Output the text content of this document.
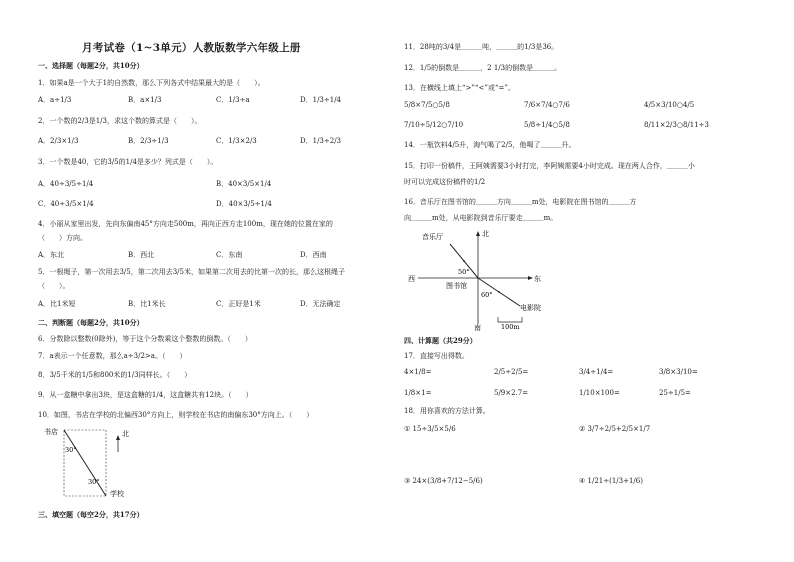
月考试卷（1~3单元）人教版数学六年级上册
一、选择题（每题2分，共10分）
1．如果a是一个大于1的自然数，那么下列各式中结果最大的是（　　）。
A．a÷1/3	B．a×1/3	C．1/3÷a	D．1/3÷1/4
2．一个数的2/3是1/3，求这个数的算式是（　　）。
A．2/3×1/3	B．2/3÷1/3	C．1/3×2/3	D．1/3÷2/3
3．一个数是40，它的3/5的1/4是多少？列式是（　　）。
A．40÷3/5÷1/4	B．40×3/5×1/4
C．40÷3/5×1/4	D．40×3/5÷1/4
4．小丽从家里出发，先向东偏南45°方向走500m，再向正西方走100m，现在她的位置在家的
（　　）方向。
A．东北	B．西北	C．东南	D．西南
5．一根绳子，第一次用去3/5，第二次用去3/5米，如果第二次用去的比第一次的长，那么这根绳子
（　　）。
A．比1米短	B．比1米长	C．正好是1米	D．无法确定
二、判断题（每题2分，共10分）
6．分数除以整数(0除外)，等于这个分数乘这个整数的倒数。（　　）
7．a表示一个任意数，那么a÷3/2>a。（　　）
8．3/5千米的1/5和800米的1/3同样长。（　　）
9．从一盒糖中拿出3块，是这盒糖的1/4，这盒糖共有12块。（　　）
10．如图，书店在学校的北偏西30°方向上，则学校在书店的南偏东30°方向上。（　　）
书店	北
学校
30°
30°
三、填空题（每空2分，共17分）
11．28吨的3/4是＿＿＿吨，＿＿＿的1/3是36。
12．1/5的倒数是＿＿＿，2 1/3的倒数是＿＿＿。
13．在横线上填上“>”“<”或“=”。
5/8×7/5○5/8	7/6×7/4○7/6	4/5×3/10○4/5
7/10÷5/12○7/10	5/8÷1/4○5/8	8/11×2/3○8/11÷3
14．一瓶饮料4/5升，淘气喝了2/5，他喝了＿＿＿升。
15．打印一份稿件，王阿姨需要3小时打完，李阿姨需要4小时完成。现在两人合作，＿＿＿小
时可以完成这份稿件的1/2
16．音乐厅在图书馆的＿＿＿方向＿＿＿m处，电影院在图书馆的＿＿＿方
向＿＿＿m处，从电影院到音乐厅要走＿＿＿m。
音乐厅	北
西	东
南
图书馆
电影院
50°
60°
100m
四、计算题（共29分）
17．直接写出得数。
4×1/8=	2/5÷2/5=	3/4÷1/4=	3/8×3/10=
1/8×1=	5/9×2.7=	1/10×100=	25÷1/5=
18．用你喜欢的方法计算。
① 15÷3/5×5/6	② 3/7÷2/5+2/5×1/7
③ 24×(3/8+7/12−5/6)	④ 1/21÷(1/3+1/6)
